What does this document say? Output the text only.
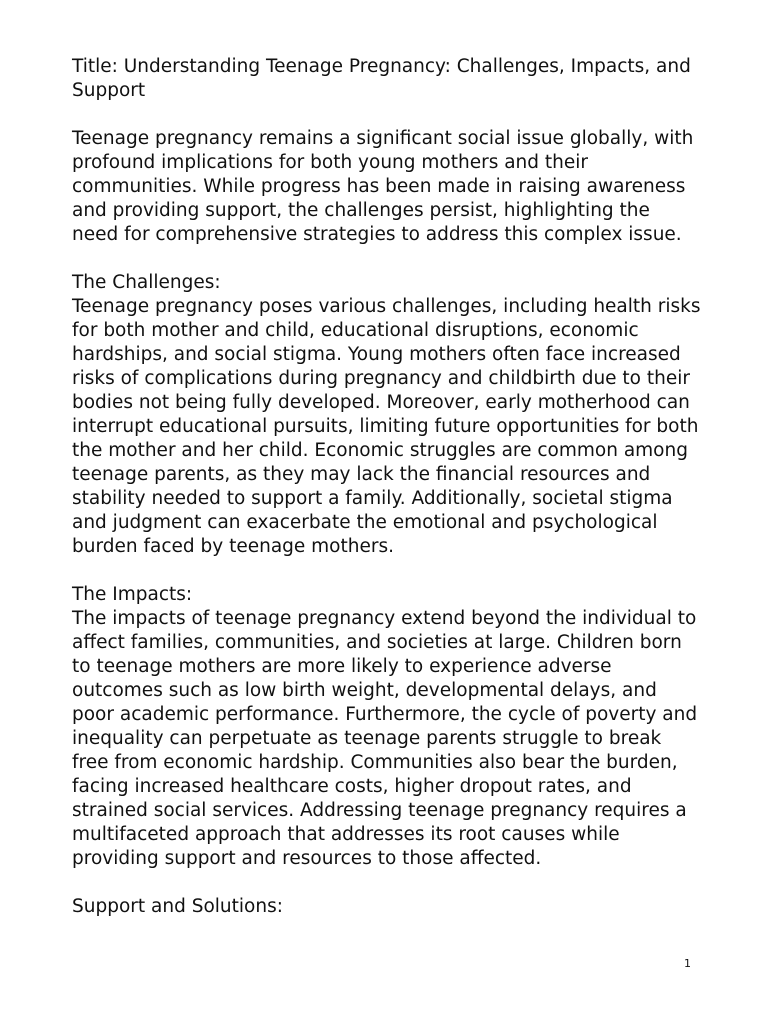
Title: Understanding Teenage Pregnancy: Challenges, Impacts, and Support

Teenage pregnancy remains a significant social issue globally, with profound implications for both young mothers and their communities. While progress has been made in raising awareness and providing support, the challenges persist, highlighting the need for comprehensive strategies to address this complex issue.

The Challenges:

Teenage pregnancy poses various challenges, including health risks for both mother and child, educational disruptions, economic hardships, and social stigma. Young mothers often face increased risks of complications during pregnancy and childbirth due to their bodies not being fully developed. Moreover, early motherhood can interrupt educational pursuits, limiting future opportunities for both the mother and her child. Economic struggles are common among teenage parents, as they may lack the financial resources and stability needed to support a family. Additionally, societal stigma and judgment can exacerbate the emotional and psychological burden faced by teenage mothers.

The Impacts:

The impacts of teenage pregnancy extend beyond the individual to affect families, communities, and societies at large. Children born to teenage mothers are more likely to experience adverse outcomes such as low birth weight, developmental delays, and poor academic performance. Furthermore, the cycle of poverty and inequality can perpetuate as teenage parents struggle to break free from economic hardship. Communities also bear the burden, facing increased healthcare costs, higher dropout rates, and strained social services. Addressing teenage pregnancy requires a multifaceted approach that addresses its root causes while providing support and resources to those affected.

Support and Solutions:

1
